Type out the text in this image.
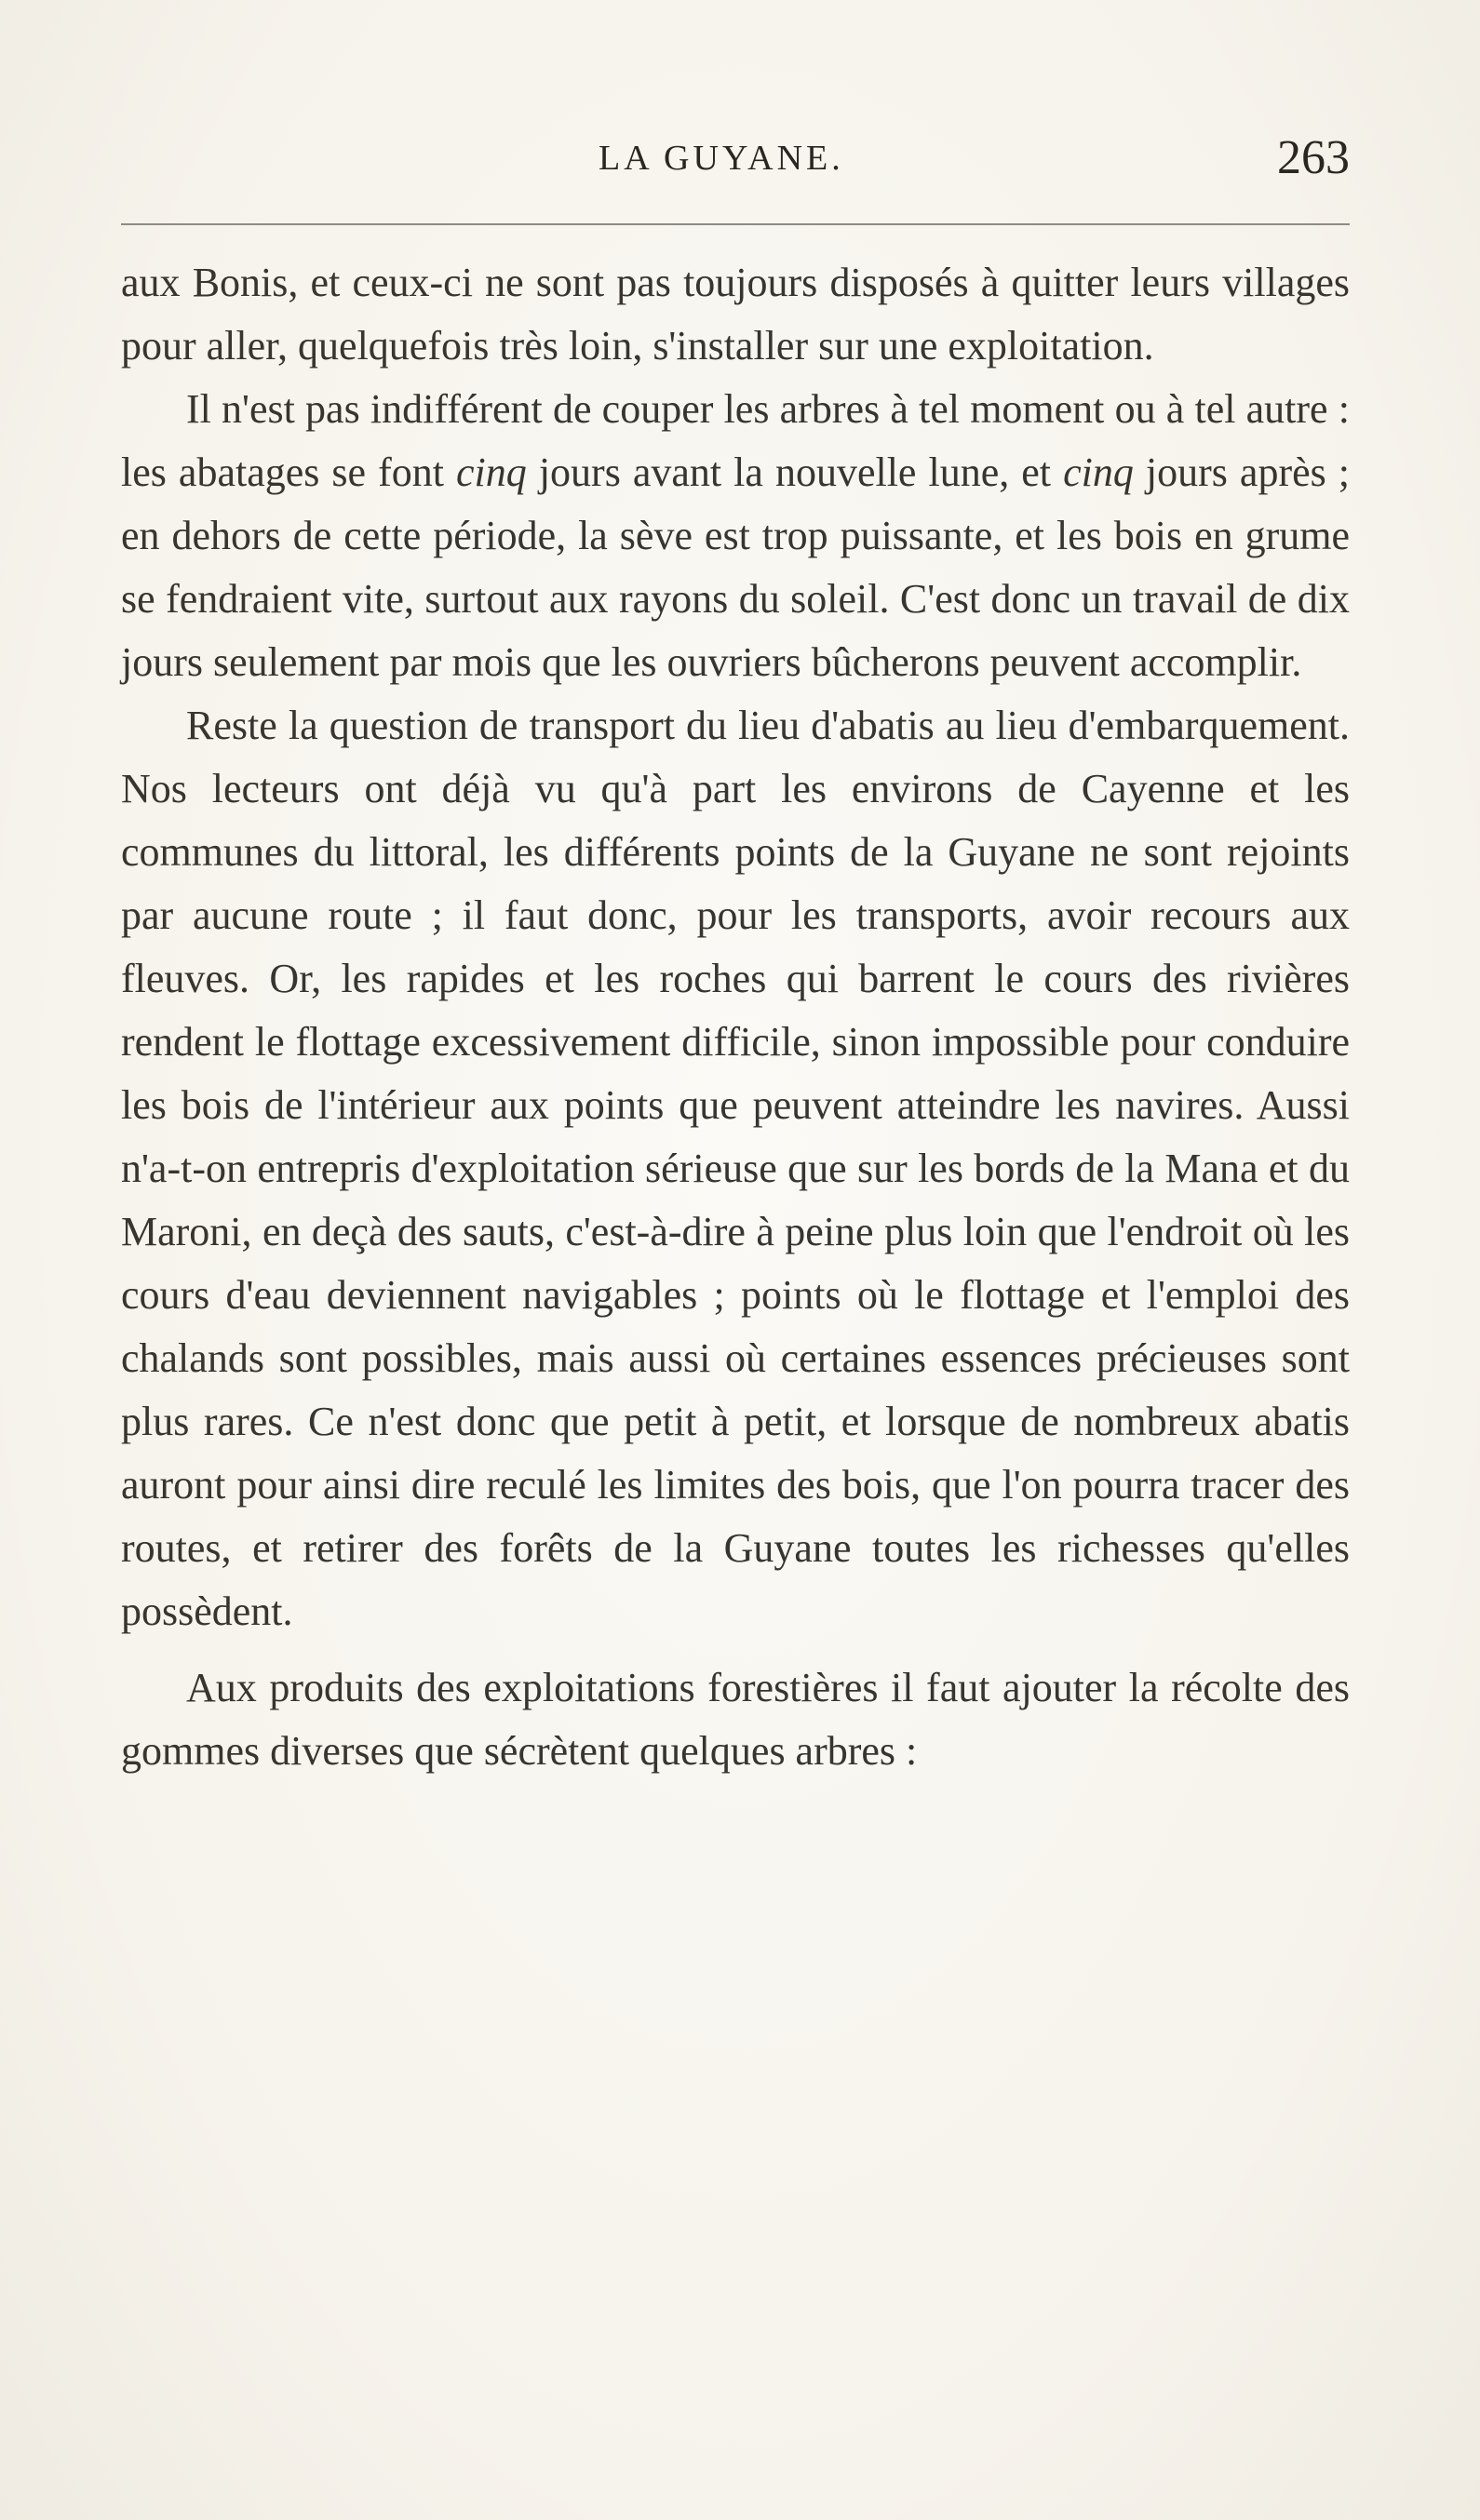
LA GUYANE.	263

aux Bonis, et ceux-ci ne sont pas toujours disposés à quitter leurs villages pour aller, quelquefois très loin, s'installer sur une exploitation.

Il n'est pas indifférent de couper les arbres à tel moment ou à tel autre : les abatages se font cinq jours avant la nouvelle lune, et cinq jours après ; en dehors de cette période, la sève est trop puissante, et les bois en grume se fendraient vite, surtout aux rayons du soleil. C'est donc un travail de dix jours seulement par mois que les ouvriers bûcherons peuvent accomplir.

Reste la question de transport du lieu d'abatis au lieu d'embarquement. Nos lecteurs ont déjà vu qu'à part les environs de Cayenne et les communes du littoral, les différents points de la Guyane ne sont rejoints par aucune route ; il faut donc, pour les transports, avoir recours aux fleuves. Or, les rapides et les roches qui barrent le cours des rivières rendent le flottage excessivement difficile, sinon impossible pour conduire les bois de l'intérieur aux points que peuvent atteindre les navires. Aussi n'a-t-on entrepris d'exploitation sérieuse que sur les bords de la Mana et du Maroni, en deçà des sauts, c'est-à-dire à peine plus loin que l'endroit où les cours d'eau deviennent navigables ; points où le flottage et l'emploi des chalands sont possibles, mais aussi où certaines essences précieuses sont plus rares. Ce n'est donc que petit à petit, et lorsque de nombreux abatis auront pour ainsi dire reculé les limites des bois, que l'on pourra tracer des routes, et retirer des forêts de la Guyane toutes les richesses qu'elles possèdent.

Aux produits des exploitations forestières il faut ajouter la récolte des gommes diverses que sécrètent quelques arbres :
